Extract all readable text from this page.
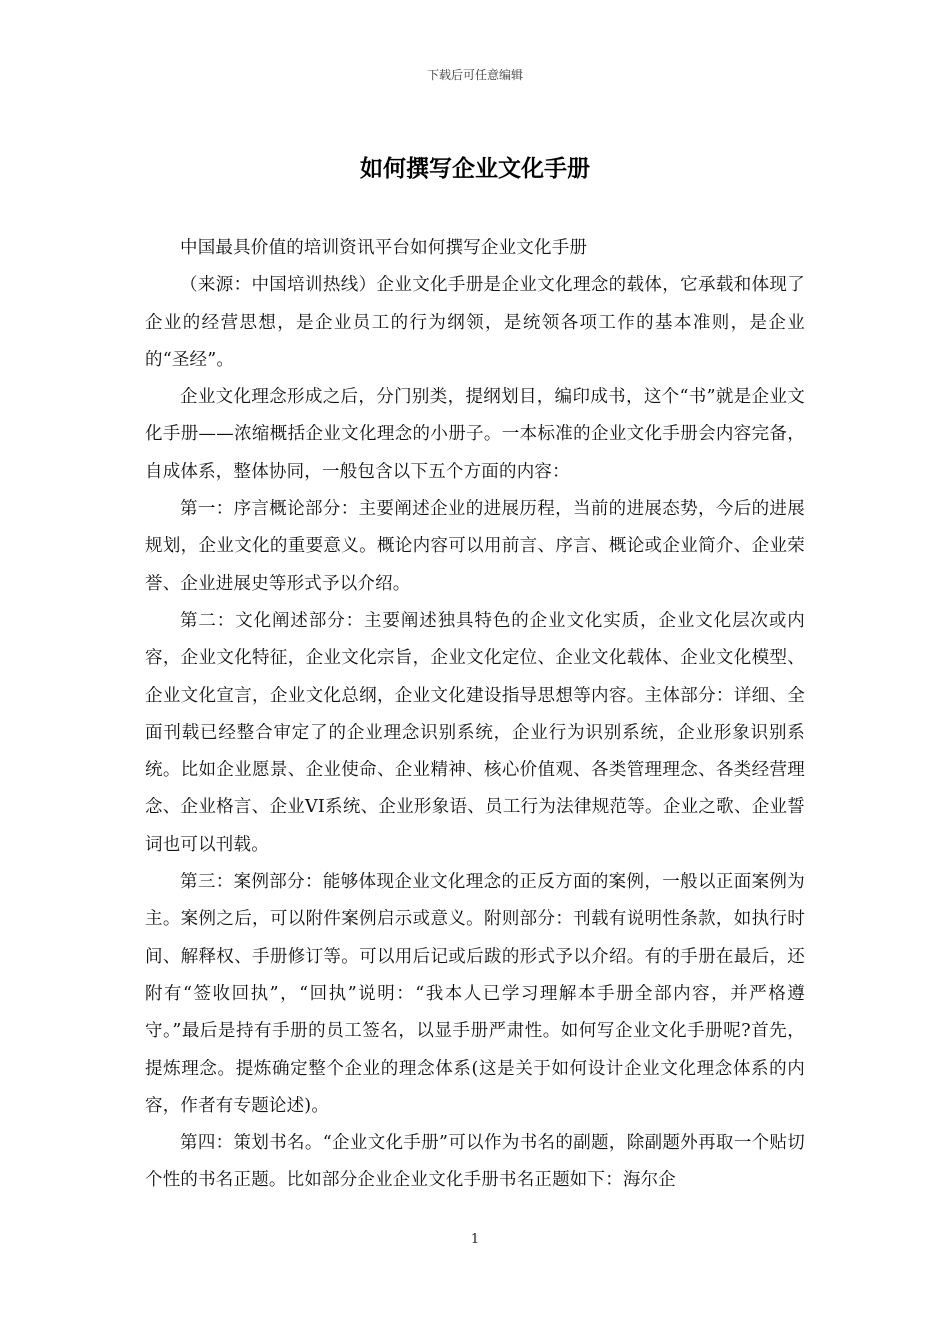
下载后可任意编辑
如何撰写企业文化手册

中国最具价值的培训资讯平台如何撰写企业文化手册

（来源：中国培训热线）企业文化手册是企业文化理念的载体，它承载和体现了企业的经营思想，是企业员工的行为纲领，是统领各项工作的基本准则，是企业的“圣经”。

企业文化理念形成之后，分门别类，提纲划目，编印成书，这个“书”就是企业文化手册——浓缩概括企业文化理念的小册子。一本标准的企业文化手册会内容完备，自成体系，整体协同，一般包含以下五个方面的内容：

第一：序言概论部分：主要阐述企业的进展历程，当前的进展态势，今后的进展规划，企业文化的重要意义。概论内容可以用前言、序言、概论或企业简介、企业荣誉、企业进展史等形式予以介绍。

第二：文化阐述部分：主要阐述独具特色的企业文化实质，企业文化层次或内容，企业文化特征，企业文化宗旨，企业文化定位、企业文化载体、企业文化模型、企业文化宣言，企业文化总纲，企业文化建设指导思想等内容。主体部分：详细、全面刊载已经整合审定了的企业理念识别系统，企业行为识别系统，企业形象识别系统。比如企业愿景、企业使命、企业精神、核心价值观、各类管理理念、各类经营理念、企业格言、企业VI系统、企业形象语、员工行为法律规范等。企业之歌、企业誓词也可以刊载。

第三：案例部分：能够体现企业文化理念的正反方面的案例，一般以正面案例为主。案例之后，可以附件案例启示或意义。附则部分：刊载有说明性条款，如执行时间、解释权、手册修订等。可以用后记或后跋的形式予以介绍。有的手册在最后，还附有“签收回执”，“回执”说明：“我本人已学习理解本手册全部内容，并严格遵守。”最后是持有手册的员工签名，以显手册严肃性。如何写企业文化手册呢?首先，提炼理念。提炼确定整个企业的理念体系(这是关于如何设计企业文化理念体系的内容，作者有专题论述)。

第四：策划书名。“企业文化手册”可以作为书名的副题，除副题外再取一个贴切个性的书名正题。比如部分企业企业文化手册书名正题如下：海尔企

1
